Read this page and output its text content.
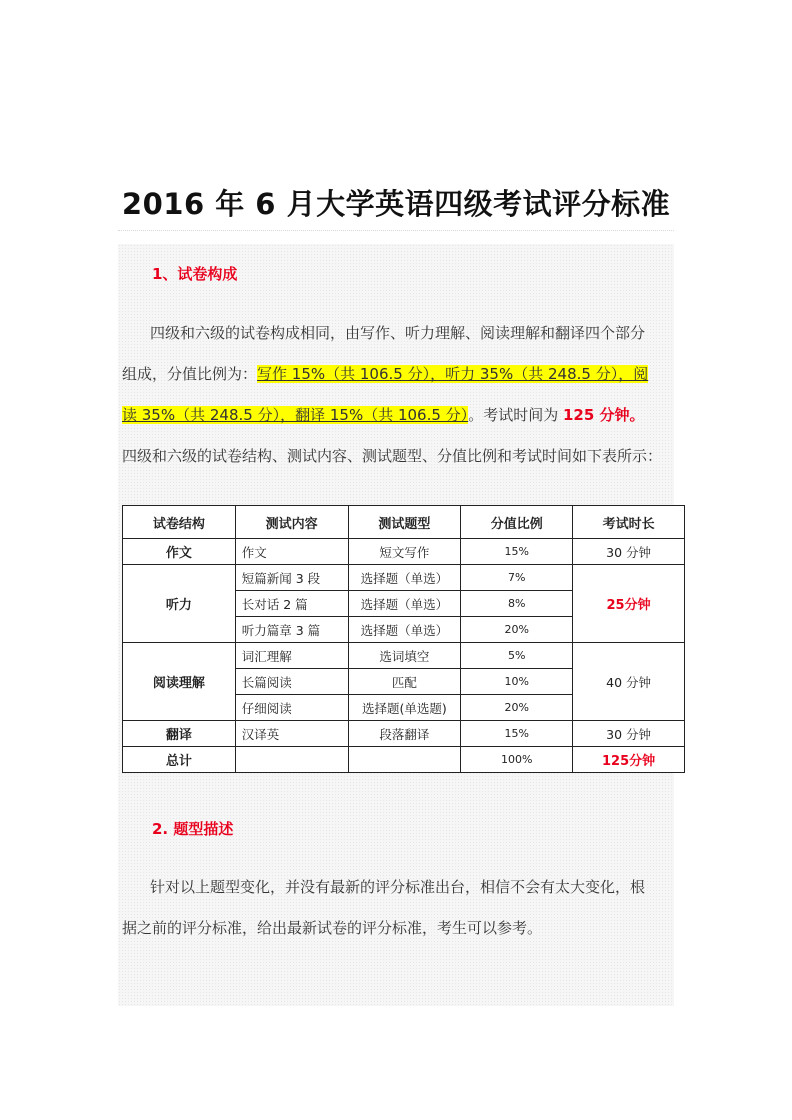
2016 年 6 月大学英语四级考试评分标准
1、试卷构成
四级和六级的试卷构成相同，由写作、听力理解、阅读理解和翻译四个部分
组成，分值比例为：写作 15%（共 106.5 分），听力 35%（共 248.5 分），阅
读 35%（共 248.5 分），翻译 15%（共 106.5 分）。考试时间为 125 分钟。
四级和六级的试卷结构、测试内容、测试题型、分值比例和考试时间如下表所示：
试卷结构	测试内容	测试题型	分值比例	考试时长
作文	作文	短文写作	15%	30 分钟
听力	短篇新闻 3 段	选择题（单选）	7%	25分钟
	长对话 2 篇	选择题（单选）	8%	
	听力篇章 3 篇	选择题（单选）	20%	
阅读理解	词汇理解	选词填空	5%	40 分钟
	长篇阅读	匹配	10%	
	仔细阅读	选择题(单选题)	20%	
翻译	汉译英	段落翻译	15%	30 分钟
总计			100%	125分钟
2. 题型描述
针对以上题型变化，并没有最新的评分标准出台，相信不会有太大变化，根
据之前的评分标准，给出最新试卷的评分标准，考生可以参考。
